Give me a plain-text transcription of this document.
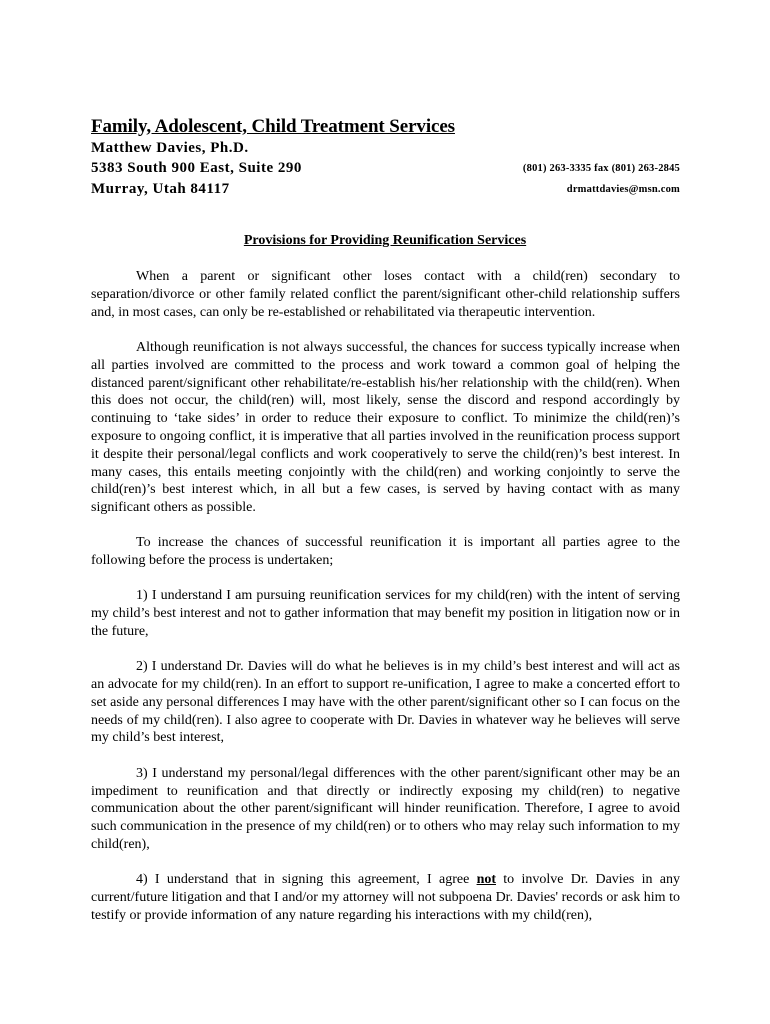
Family, Adolescent, Child Treatment Services
Matthew Davies, Ph.D.
5383 South 900 East, Suite 290	(801) 263-3335 fax (801) 263-2845
Murray, Utah 84117	drmattdavies@msn.com
Provisions for Providing Reunification Services

When a parent or significant other loses contact with a child(ren) secondary to separation/divorce or other family related conflict the parent/significant other-child relationship suffers and, in most cases, can only be re-established or rehabilitated via therapeutic intervention.

Although reunification is not always successful, the chances for success typically increase when all parties involved are committed to the process and work toward a common goal of helping the distanced parent/significant other rehabilitate/re-establish his/her relationship with the child(ren). When this does not occur, the child(ren) will, most likely, sense the discord and respond accordingly by continuing to ‘take sides’ in order to reduce their exposure to conflict. To minimize the child(ren)’s exposure to ongoing conflict, it is imperative that all parties involved in the reunification process support it despite their personal/legal conflicts and work cooperatively to serve the child(ren)’s best interest. In many cases, this entails meeting conjointly with the child(ren) and working conjointly to serve the child(ren)’s best interest which, in all but a few cases, is served by having contact with as many significant others as possible.

To increase the chances of successful reunification it is important all parties agree to the following before the process is undertaken;

1) I understand I am pursuing reunification services for my child(ren) with the intent of serving my child’s best interest and not to gather information that may benefit my position in litigation now or in the future,

2) I understand Dr. Davies will do what he believes is in my child’s best interest and will act as an advocate for my child(ren). In an effort to support re-unification, I agree to make a concerted effort to set aside any personal differences I may have with the other parent/significant other so I can focus on the needs of my child(ren). I also agree to cooperate with Dr. Davies in whatever way he believes will serve my child’s best interest,

3) I understand my personal/legal differences with the other parent/significant other may be an impediment to reunification and that directly or indirectly exposing my child(ren) to negative communication about the other parent/significant will hinder reunification. Therefore, I agree to avoid such communication in the presence of my child(ren) or to others who may relay such information to my child(ren),

4) I understand that in signing this agreement, I agree not to involve Dr. Davies in any current/future litigation and that I and/or my attorney will not subpoena Dr. Davies' records or ask him to testify or provide information of any nature regarding his interactions with my child(ren),
